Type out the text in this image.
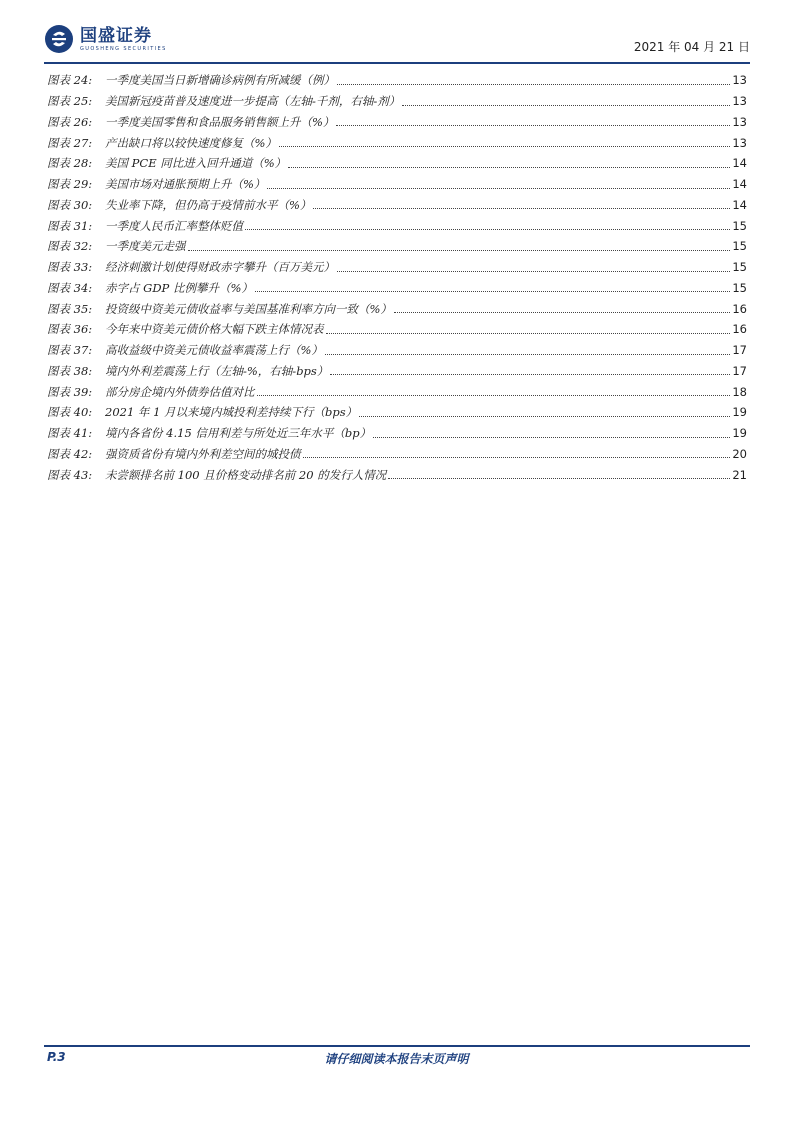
国盛证券
GUOSHENG SECURITIES	2021 年 04 月 21 日
图表 24:	一季度美国当日新增确诊病例有所减缓（例）	13
图表 25:	美国新冠疫苗普及速度进一步提高（左轴-千剂，右轴-剂）	13
图表 26:	一季度美国零售和食品服务销售额上升（%）	13
图表 27:	产出缺口将以较快速度修复（%）	13
图表 28:	美国 PCE 同比进入回升通道（%）	14
图表 29:	美国市场对通胀预期上升（%）	14
图表 30:	失业率下降，但仍高于疫情前水平（%）	14
图表 31:	一季度人民币汇率整体贬值	15
图表 32:	一季度美元走强	15
图表 33:	经济刺激计划使得财政赤字攀升（百万美元）	15
图表 34:	赤字占 GDP 比例攀升（%）	15
图表 35:	投资级中资美元债收益率与美国基准利率方向一致（%）	16
图表 36:	今年来中资美元债价格大幅下跌主体情况表	16
图表 37:	高收益级中资美元债收益率震荡上行（%）	17
图表 38:	境内外利差震荡上行（左轴-%，右轴-bps）	17
图表 39:	部分房企境内外债券估值对比	18
图表 40:	2021 年 1 月以来境内城投利差持续下行（bps）	19
图表 41:	境内各省份 4.15 信用利差与所处近三年水平（bp）	19
图表 42:	强资质省份有境内外利差空间的城投债	20
图表 43:	未尝额排名前 100 且价格变动排名前 20 的发行人情况	21
P.3	请仔细阅读本报告末页声明
